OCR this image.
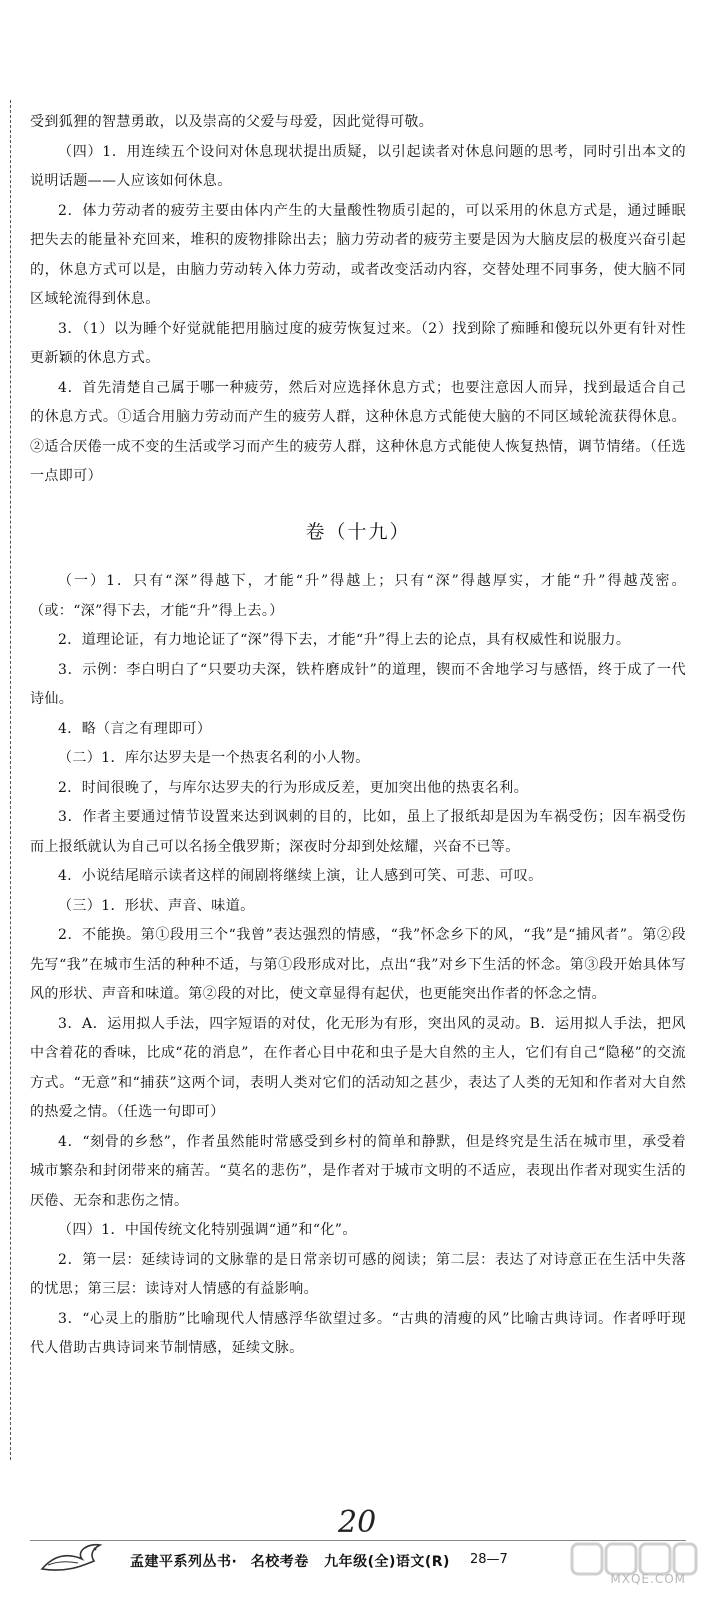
受到狐狸的智慧勇敢，以及崇高的父爱与母爱，因此觉得可敬。

（四）1．用连续五个设问对休息现状提出质疑，以引起读者对休息问题的思考，同时引出本文的说明话题——人应该如何休息。

2．体力劳动者的疲劳主要由体内产生的大量酸性物质引起的，可以采用的休息方式是，通过睡眠把失去的能量补充回来，堆积的废物排除出去；脑力劳动者的疲劳主要是因为大脑皮层的极度兴奋引起的，休息方式可以是，由脑力劳动转入体力劳动，或者改变活动内容，交替处理不同事务，使大脑不同区域轮流得到休息。

3．（1）以为睡个好觉就能把用脑过度的疲劳恢复过来。（2）找到除了痴睡和傻玩以外更有针对性更新颖的休息方式。

4．首先清楚自己属于哪一种疲劳，然后对应选择休息方式；也要注意因人而异，找到最适合自己的休息方式。①适合用脑力劳动而产生的疲劳人群，这种休息方式能使大脑的不同区域轮流获得休息。②适合厌倦一成不变的生活或学习而产生的疲劳人群，这种休息方式能使人恢复热情，调节情绪。（任选一点即可）

卷（十九）

（一）1．只有“深”得越下，才能“升”得越上；只有“深”得越厚实，才能“升”得越茂密。（或：“深”得下去，才能“升”得上去。）

2．道理论证，有力地论证了“深”得下去，才能“升”得上去的论点，具有权威性和说服力。

3．示例：李白明白了“只要功夫深，铁杵磨成针”的道理，锲而不舍地学习与感悟，终于成了一代诗仙。

4．略（言之有理即可）

（二）1．库尔达罗夫是一个热衷名利的小人物。

2．时间很晚了，与库尔达罗夫的行为形成反差，更加突出他的热衷名利。

3．作者主要通过情节设置来达到讽刺的目的，比如，虽上了报纸却是因为车祸受伤；因车祸受伤而上报纸就认为自己可以名扬全俄罗斯；深夜时分却到处炫耀，兴奋不已等。

4．小说结尾暗示读者这样的闹剧将继续上演，让人感到可笑、可悲、可叹。

（三）1．形状、声音、味道。

2．不能换。第①段用三个“我曾”表达强烈的情感，“我”怀念乡下的风，“我”是“捕风者”。第②段先写“我”在城市生活的种种不适，与第①段形成对比，点出“我”对乡下生活的怀念。第③段开始具体写风的形状、声音和味道。第②段的对比，使文章显得有起伏，也更能突出作者的怀念之情。

3．A．运用拟人手法，四字短语的对仗，化无形为有形，突出风的灵动。B．运用拟人手法，把风中含着花的香味，比成“花的消息”，在作者心目中花和虫子是大自然的主人，它们有自己“隐秘”的交流方式。“无意”和“捕获”这两个词，表明人类对它们的活动知之甚少，表达了人类的无知和作者对大自然的热爱之情。（任选一句即可）

4．“刻骨的乡愁”，作者虽然能时常感受到乡村的简单和静默，但是终究是生活在城市里，承受着城市繁杂和封闭带来的痛苦。“莫名的悲伤”，是作者对于城市文明的不适应，表现出作者对现实生活的厌倦、无奈和悲伤之情。

（四）1．中国传统文化特别强调“通”和“化”。

2．第一层：延续诗词的文脉靠的是日常亲切可感的阅读；第二层：表达了对诗意正在生活中失落的忧思；第三层：读诗对人情感的有益影响。

3．“心灵上的脂肪”比喻现代人情感浮华欲望过多。“古典的清瘦的风”比喻古典诗词。作者呼吁现代人借助古典诗词来节制情感，延续文脉。

20
孟建平系列丛书· 名校考卷 九年级(全)语文(R) 28—7
MXQE.COM
